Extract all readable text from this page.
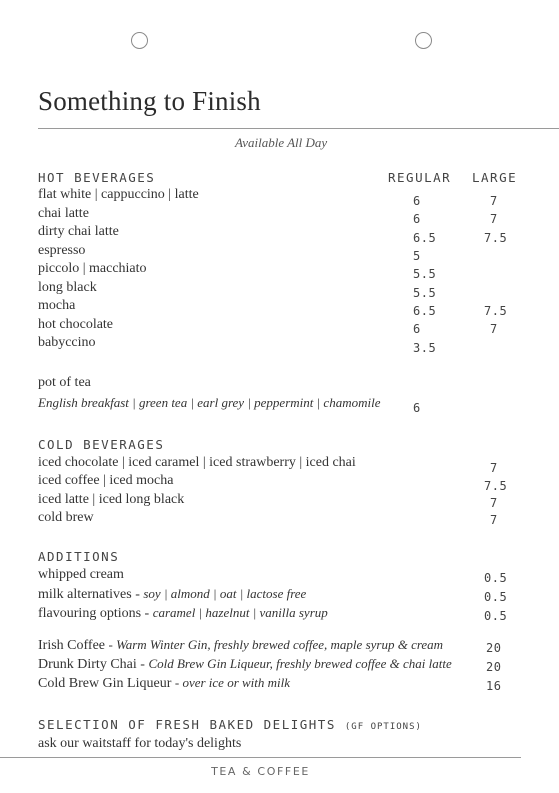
Something to Finish
Available All Day
HOT BEVERAGES	REGULAR LARGE
flat white | cappuccino | latte
chai latte
dirty chai latte
espresso
piccolo | macchiato
long black
mocha
hot chocolate
babyccino
6
6
6.5
5
5.5
5.5
6.5
6
3.5
7
7
7.5
7.5
7
pot of tea
English breakfast | green tea | earl grey | peppermint | chamomile	6
COLD BEVERAGES
iced chocolate | iced caramel | iced strawberry | iced chai
iced coffee | iced mocha
iced latte | iced long black
cold brew
7
7.5
7
7
ADDITIONS
whipped cream
milk alternatives - soy | almond | oat | lactose free
flavouring options - caramel | hazelnut | vanilla syrup
0.5
0.5
0.5
Irish Coffee - Warm Winter Gin, freshly brewed coffee, maple syrup & cream
Drunk Dirty Chai - Cold Brew Gin Liqueur, freshly brewed coffee & chai latte
Cold Brew Gin Liqueur - over ice or with milk
20
20
16
SELECTION OF FRESH BAKED DELIGHTS (GF OPTIONS)
ask our waitstaff for today's delights
TEA & COFFEE
